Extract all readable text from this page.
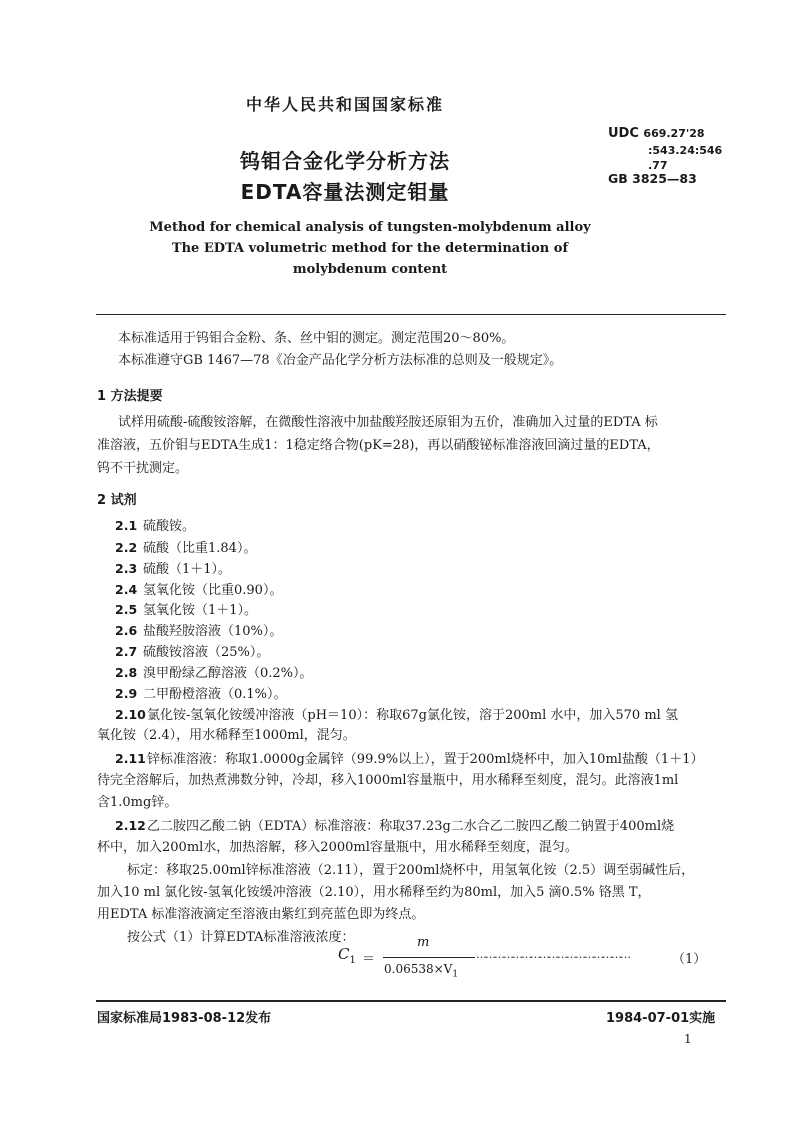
中华人民共和国国家标准
钨钼合金化学分析方法
EDTA容量法测定钼量
Method for chemical analysis of tungsten-molybdenum alloy
The EDTA volumetric method for the determination of
molybdenum content
UDC 669.27'28
:543.24:546
.77
GB 3825—83
本标准适用于钨钼合金粉、条、丝中钼的测定。测定范围20～80%。
本标准遵守GB 1467—78《冶金产品化学分析方法标准的总则及一般规定》。
1 方法提要
试样用硫酸-硫酸铵溶解，在微酸性溶液中加盐酸羟胺还原钼为五价，准确加入过量的EDTA 标
准溶液，五价钼与EDTA生成1：1稳定络合物(pK=28)，再以硝酸铋标准溶液回滴过量的EDTA，
钨不干扰测定。
2 试剂
2.1 硫酸铵。
2.2 硫酸（比重1.84）。
2.3 硫酸（1＋1）。
2.4 氢氧化铵（比重0.90）。
2.5 氢氧化铵（1＋1）。
2.6 盐酸羟胺溶液（10%）。
2.7 硫酸铵溶液（25%）。
2.8 溴甲酚绿乙醇溶液（0.2%）。
2.9 二甲酚橙溶液（0.1%）。
2.10氯化铵-氢氧化铵缓冲溶液（pH＝10）：称取67g氯化铵，溶于200ml 水中，加入570 ml 氢
氧化铵（2.4），用水稀释至1000ml，混匀。
2.11锌标准溶液：称取1.0000g金属锌（99.9%以上），置于200ml烧杯中，加入10ml盐酸（1＋1）
待完全溶解后，加热煮沸数分钟，冷却，移入1000ml容量瓶中，用水稀释至刻度，混匀。此溶液1ml
含1.0mg锌。
2.12乙二胺四乙酸二钠（EDTA）标准溶液：称取37.23g二水合乙二胺四乙酸二钠置于400ml烧
杯中，加入200ml水，加热溶解，移入2000ml容量瓶中，用水稀释至刻度，混匀。
标定：移取25.00ml锌标准溶液（2.11），置于200ml烧杯中，用氢氧化铵（2.5）调至弱碱性后，
加入10 ml 氯化铵-氢氧化铵缓冲溶液（2.10），用水稀释至约为80ml，加入5 滴0.5% 铬黑 T，
用EDTA 标准溶液滴定至溶液由紫红到亮蓝色即为终点。
按公式（1）计算EDTA标准溶液浓度：
$C_1$ ＝
m
$0.06538\times V_1$
……………………………………………	（1）
国家标准局1983-08-12发布	1984-07-01实施
1
